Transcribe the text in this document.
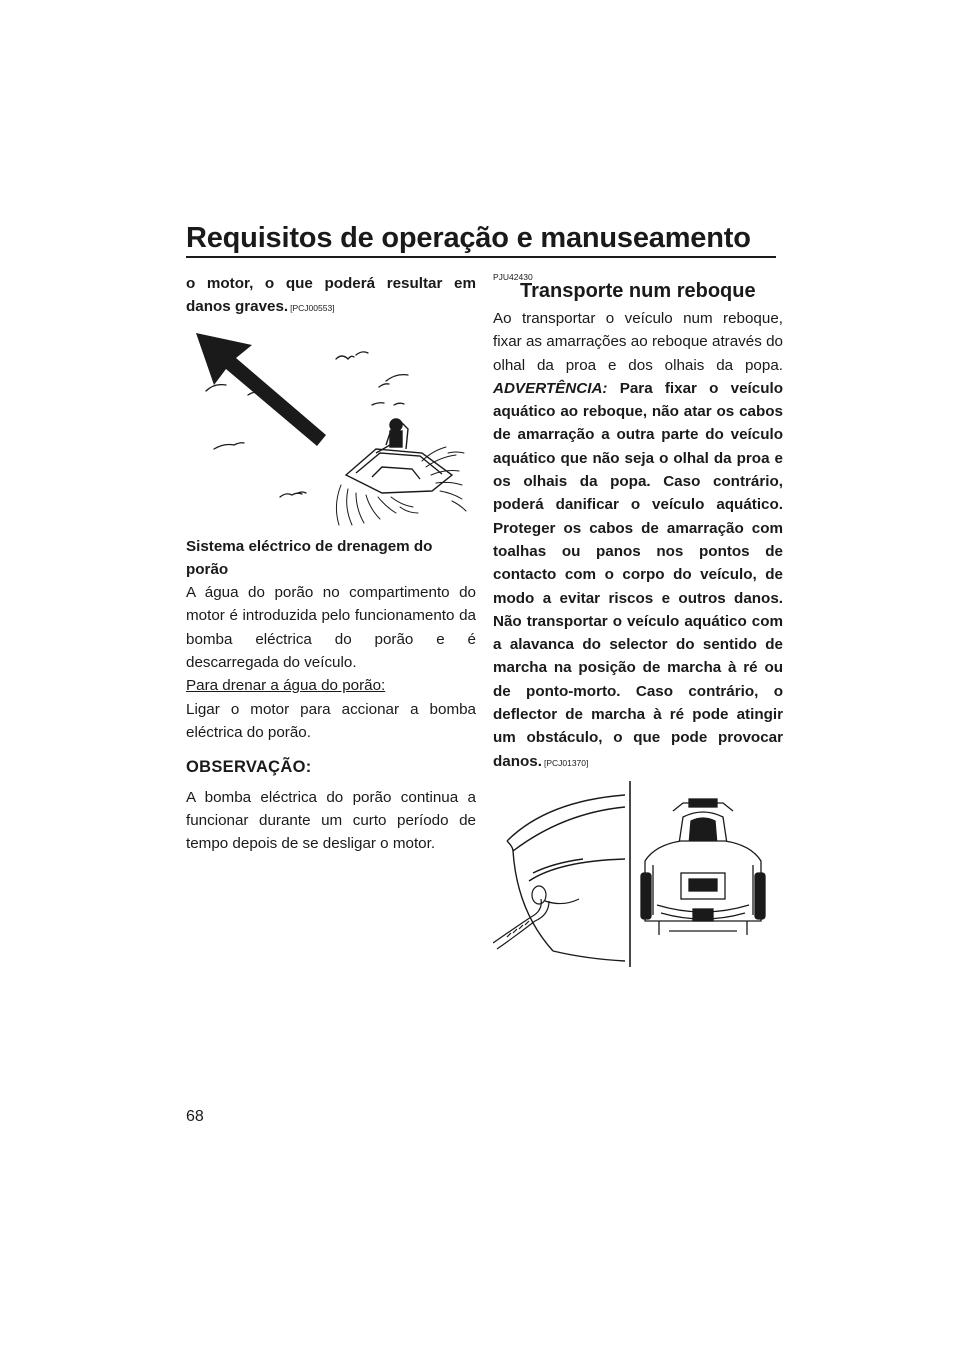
Requisitos de operação e manuseamento

o motor, o que poderá resultar em danos graves. [PCJ00553]

Sistema eléctrico de drenagem do porão

A água do porão no compartimento do motor é introduzida pelo funcionamento da bomba eléctrica do porão e é descarregada do veículo.

Para drenar a água do porão:

Ligar o motor para accionar a bomba eléctrica do porão.

OBSERVAÇÃO:

A bomba eléctrica do porão continua a funcionar durante um curto período de tempo depois de se desligar o motor.

PJU42430

Transporte num reboque

Ao transportar o veículo num reboque, fixar as amarrações ao reboque através do olhal da proa e dos olhais da popa. ADVERTÊNCIA: Para fixar o veículo aquático ao reboque, não atar os cabos de amarração a outra parte do veículo aquático que não seja o olhal da proa e os olhais da popa. Caso contrário, poderá danificar o veículo aquático. Proteger os cabos de amarração com toalhas ou panos nos pontos de contacto com o corpo do veículo, de modo a evitar riscos e outros danos. Não transportar o veículo aquático com a alavanca do selector do sentido de marcha na posição de marcha à ré ou de ponto-morto. Caso contrário, o deflector de marcha à ré pode atingir um obstáculo, o que pode provocar danos. [PCJ01370]

68
